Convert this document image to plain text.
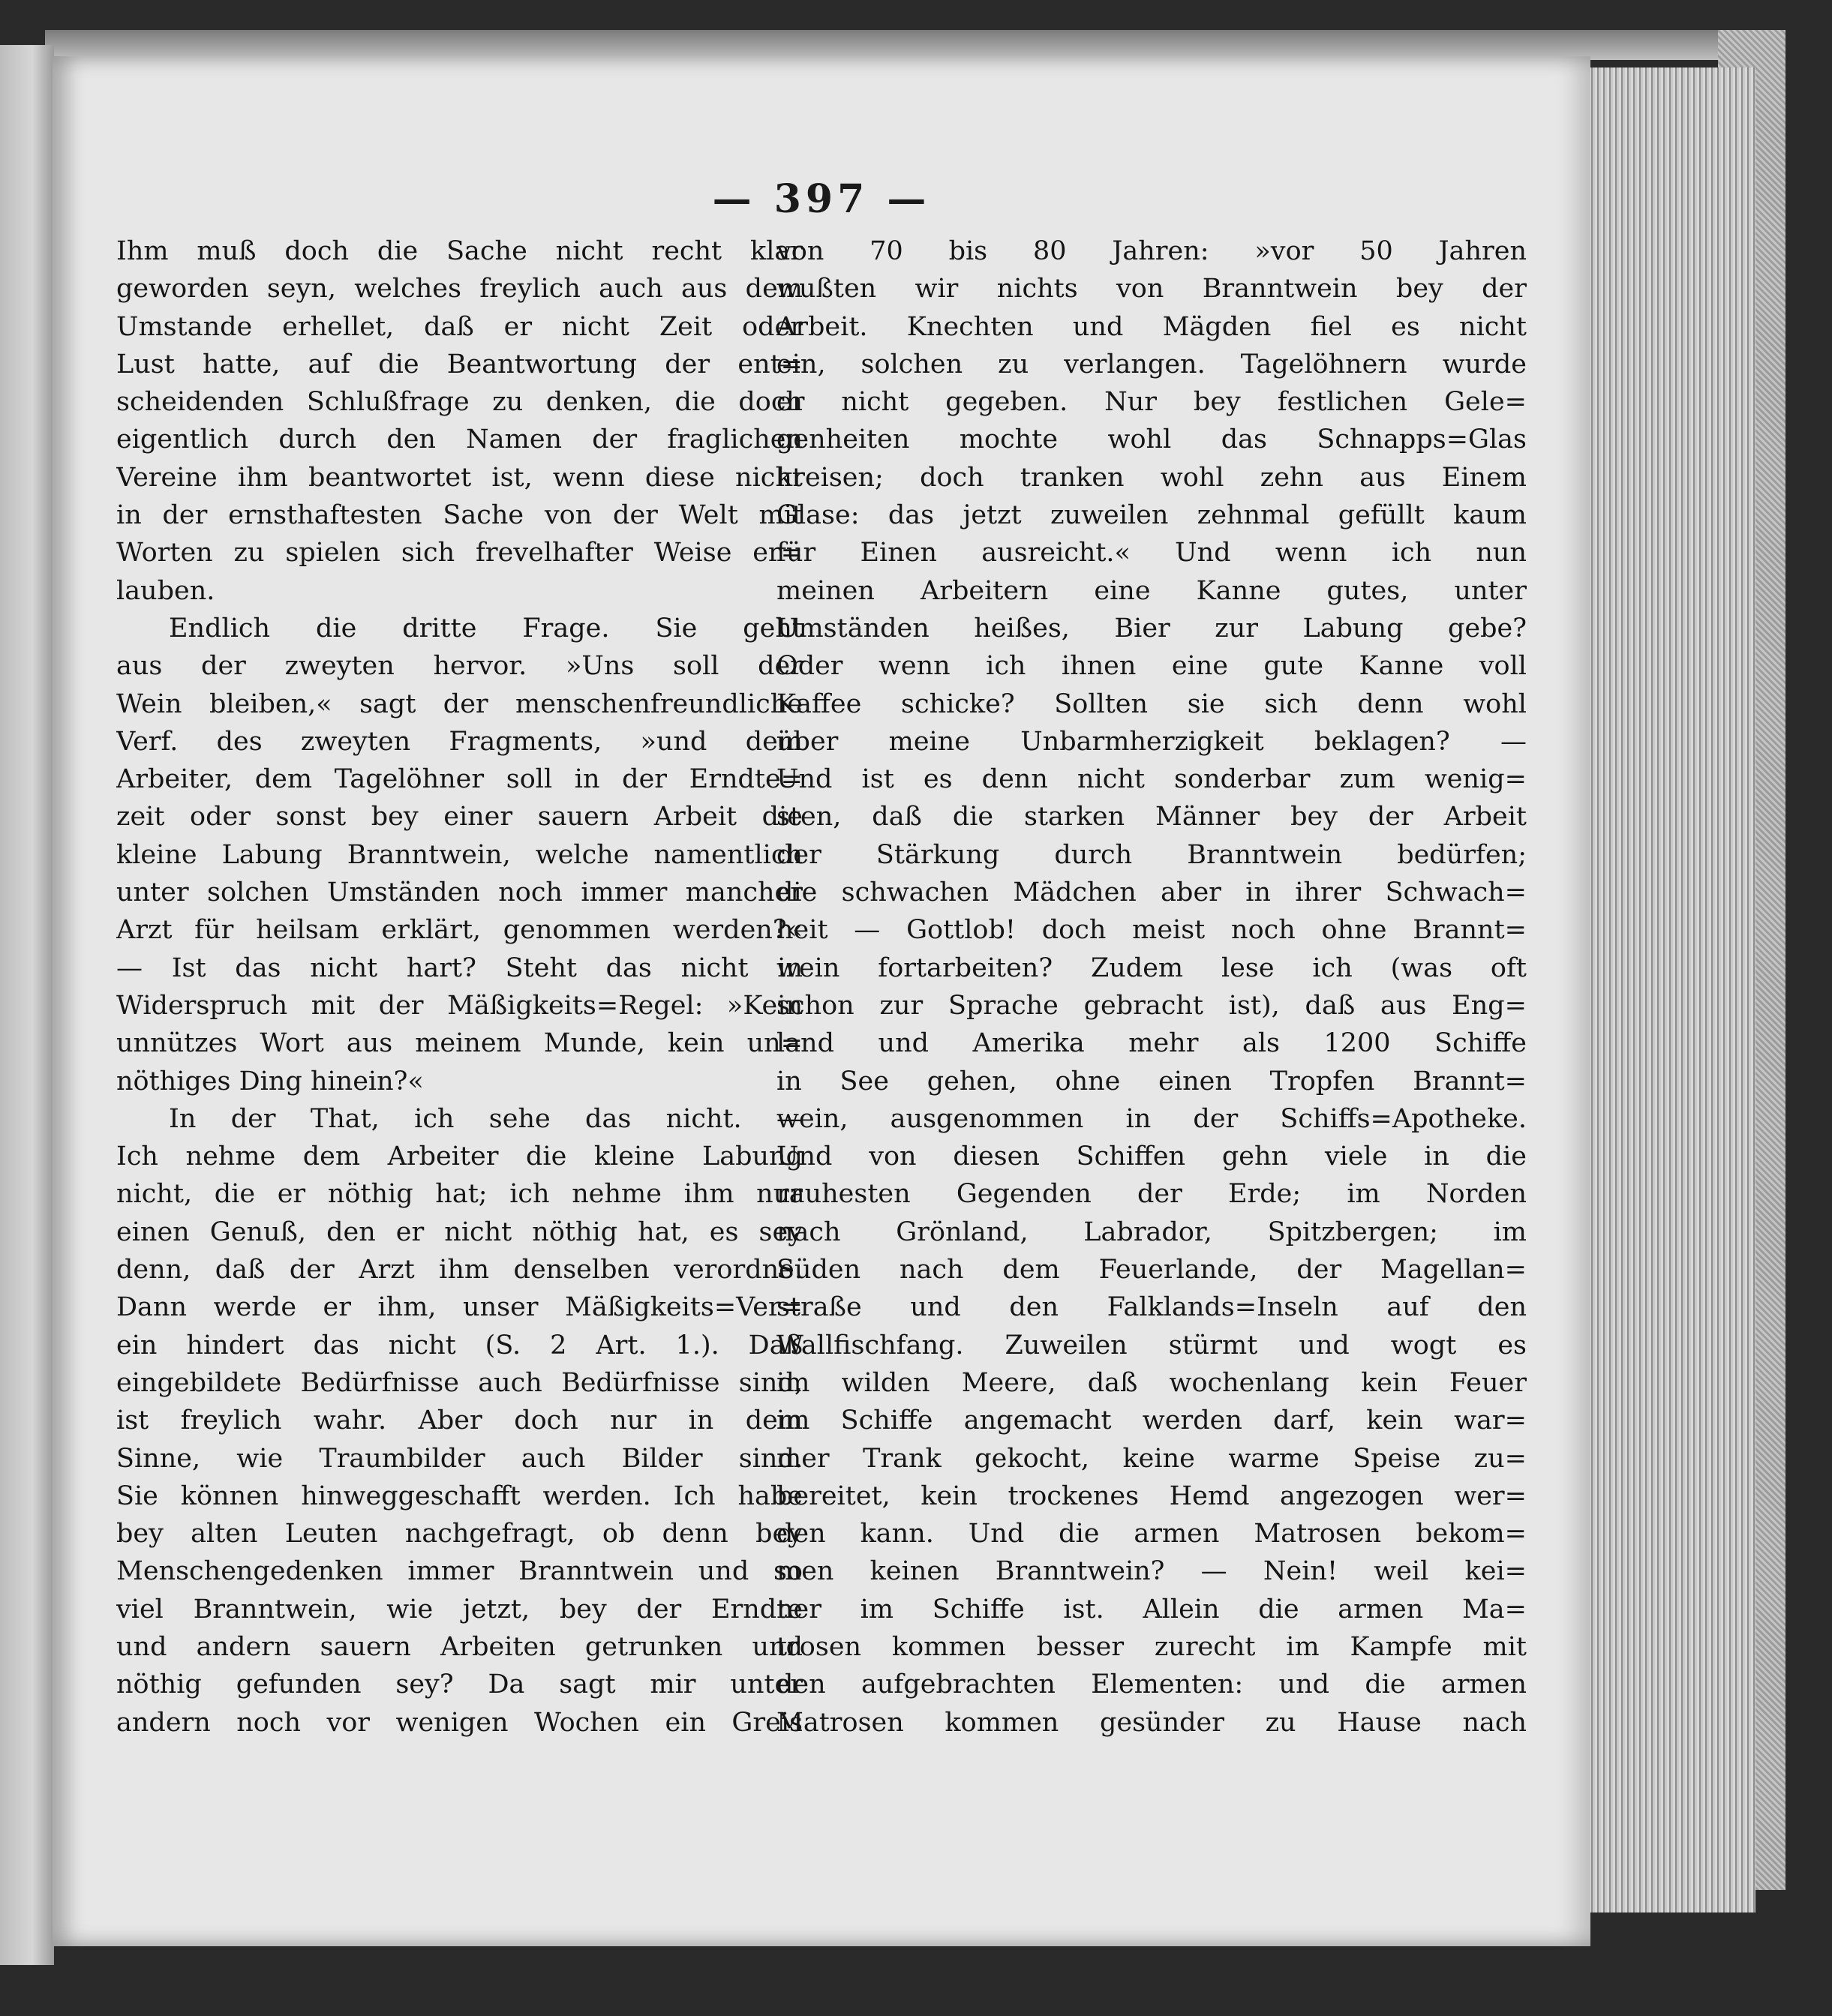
— 397 —
Ihm muß doch die Sache nicht recht klar
geworden seyn, welches freylich auch aus dem
Umstande erhellet, daß er nicht Zeit oder
Lust hatte, auf die Beantwortung der ent=
scheidenden Schlußfrage zu denken, die doch
eigentlich durch den Namen der fraglichen
Vereine ihm beantwortet ist, wenn diese nicht
in der ernsthaftesten Sache von der Welt mit
Worten zu spielen sich frevelhafter Weise er=
lauben.
Endlich die dritte Frage. Sie geht
aus der zweyten hervor. »Uns soll der
Wein bleiben,« sagt der menschenfreundliche
Verf. des zweyten Fragments, »und dem
Arbeiter, dem Tagelöhner soll in der Erndte=
zeit oder sonst bey einer sauern Arbeit die
kleine Labung Branntwein, welche namentlich
unter solchen Umständen noch immer mancher
Arzt für heilsam erklärt, genommen werden?«
— Ist das nicht hart? Steht das nicht in
Widerspruch mit der Mäßigkeits=Regel: »Kein
unnützes Wort aus meinem Munde, kein un=
nöthiges Ding hinein?«
In der That, ich sehe das nicht. —
Ich nehme dem Arbeiter die kleine Labung
nicht, die er nöthig hat; ich nehme ihm nur
einen Genuß, den er nicht nöthig hat, es sey
denn, daß der Arzt ihm denselben verordne.
Dann werde er ihm, unser Mäßigkeits=Ver=
ein hindert das nicht (S. 2 Art. 1.). Daß
eingebildete Bedürfnisse auch Bedürfnisse sind,
ist freylich wahr. Aber doch nur in dem
Sinne, wie Traumbilder auch Bilder sind.
Sie können hinweggeschafft werden. Ich habe
bey alten Leuten nachgefragt, ob denn bey
Menschengedenken immer Branntwein und so
viel Branntwein, wie jetzt, bey der Erndte
und andern sauern Arbeiten getrunken und
nöthig gefunden sey? Da sagt mir unter
andern noch vor wenigen Wochen ein Greis
von 70 bis 80 Jahren: »vor 50 Jahren
wußten wir nichts von Branntwein bey der
Arbeit. Knechten und Mägden fiel es nicht
ein, solchen zu verlangen. Tagelöhnern wurde
er nicht gegeben. Nur bey festlichen Gele=
genheiten mochte wohl das Schnapps=Glas
kreisen; doch tranken wohl zehn aus Einem
Glase: das jetzt zuweilen zehnmal gefüllt kaum
für Einen ausreicht.« Und wenn ich nun
meinen Arbeitern eine Kanne gutes, unter
Umständen heißes, Bier zur Labung gebe?
Oder wenn ich ihnen eine gute Kanne voll
Kaffee schicke? Sollten sie sich denn wohl
über meine Unbarmherzigkeit beklagen? —
Und ist es denn nicht sonderbar zum wenig=
sten, daß die starken Männer bey der Arbeit
der Stärkung durch Branntwein bedürfen;
die schwachen Mädchen aber in ihrer Schwach=
heit — Gottlob! doch meist noch ohne Brannt=
wein fortarbeiten? Zudem lese ich (was oft
schon zur Sprache gebracht ist), daß aus Eng=
land und Amerika mehr als 1200 Schiffe
in See gehen, ohne einen Tropfen Brannt=
wein, ausgenommen in der Schiffs=Apotheke.
Und von diesen Schiffen gehn viele in die
rauhesten Gegenden der Erde; im Norden
nach Grönland, Labrador, Spitzbergen; im
Süden nach dem Feuerlande, der Magellan=
straße und den Falklands=Inseln auf den
Wallfischfang. Zuweilen stürmt und wogt es
im wilden Meere, daß wochenlang kein Feuer
im Schiffe angemacht werden darf, kein war=
mer Trank gekocht, keine warme Speise zu=
bereitet, kein trockenes Hemd angezogen wer=
den kann. Und die armen Matrosen bekom=
men keinen Branntwein? — Nein! weil kei=
ner im Schiffe ist. Allein die armen Ma=
trosen kommen besser zurecht im Kampfe mit
den aufgebrachten Elementen: und die armen
Matrosen kommen gesünder zu Hause nach
